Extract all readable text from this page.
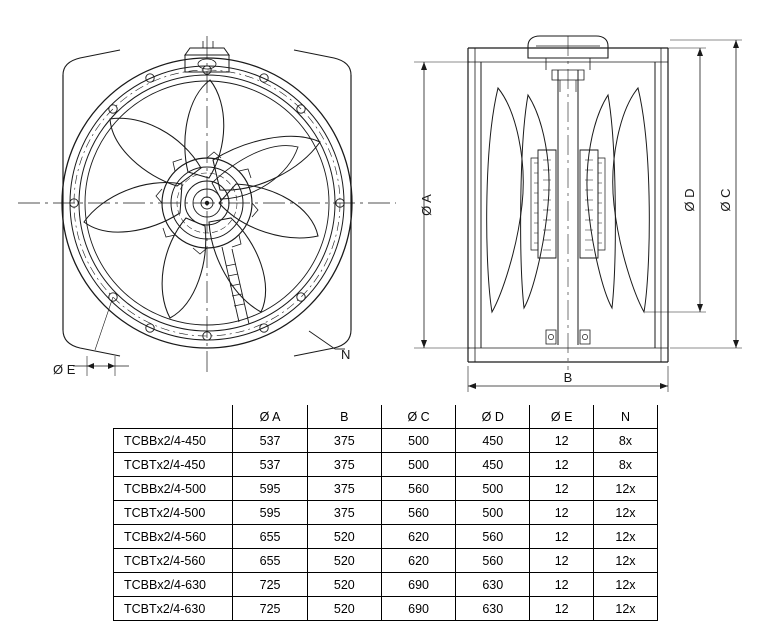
Ø E
N
Ø A	Ø D Ø C
B
	Ø A	B	Ø C	Ø D	Ø E	N
TCBBx2/4-450	537	375	500	450	12	8x
TCBTx2/4-450	537	375	500	450	12	8x
TCBBx2/4-500	595	375	560	500	12	12x
TCBTx2/4-500	595	375	560	500	12	12x
TCBBx2/4-560	655	520	620	560	12	12x
TCBTx2/4-560	655	520	620	560	12	12x
TCBBx2/4-630	725	520	690	630	12	12x
TCBTx2/4-630	725	520	690	630	12	12x
